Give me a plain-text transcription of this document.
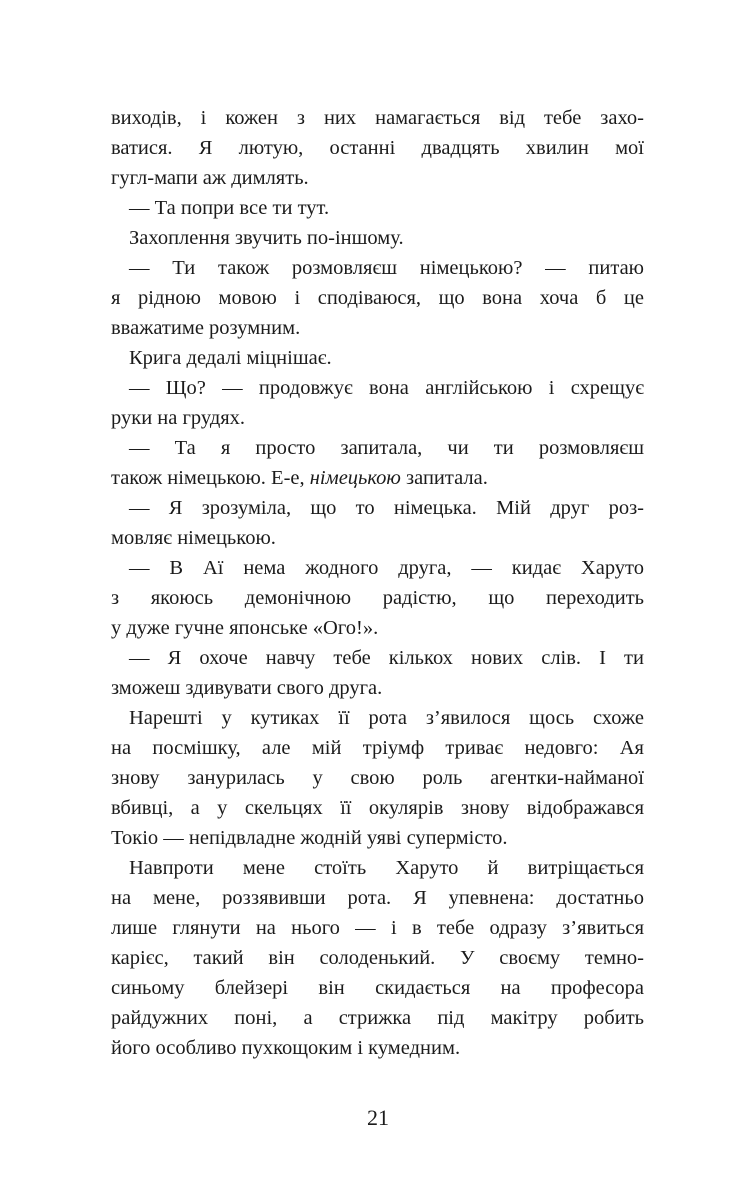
виходів, і кожен з них намагається від тебе захо-
ватися. Я лютую, останні двадцять хвилин мої
гугл-мапи аж димлять.
— Та попри все ти тут.
Захоплення звучить по-іншому.
— Ти також розмовляєш німецькою? — питаю
я рідною мовою і сподіваюся, що вона хоча б це
вважатиме розумним.
Крига дедалі міцнішає.
— Що? — продовжує вона англійською і схрещує
руки на грудях.
— Та я просто запитала, чи ти розмовляєш
також німецькою. Е-е, німецькою запитала.
— Я зрозуміла, що то німецька. Мій друг роз-
мовляє німецькою.
— В Аї нема жодного друга, — кидає Харуто
з якоюсь демонічною радістю, що переходить
у дуже гучне японське «Ого!».
— Я охоче навчу тебе кількох нових слів. І ти
зможеш здивувати свого друга.
Нарешті у кутиках її рота з’явилося щось схоже
на посмішку, але мій тріумф триває недовго: Ая
знову занурилась у свою роль агентки-найманої
вбивці, а у скельцях її окулярів знову відображався
Токіо — непідвладне жодній уяві супермісто.
Навпроти мене стоїть Харуто й витріщається
на мене, роззявивши рота. Я упевнена: достатньо
лише глянути на нього — і в тебе одразу з’явиться
карієс, такий він солоденький. У своєму темно-
синьому блейзері він скидається на професора
райдужних поні, а стрижка під макітру робить
його особливо пухкощоким і кумедним.
21
